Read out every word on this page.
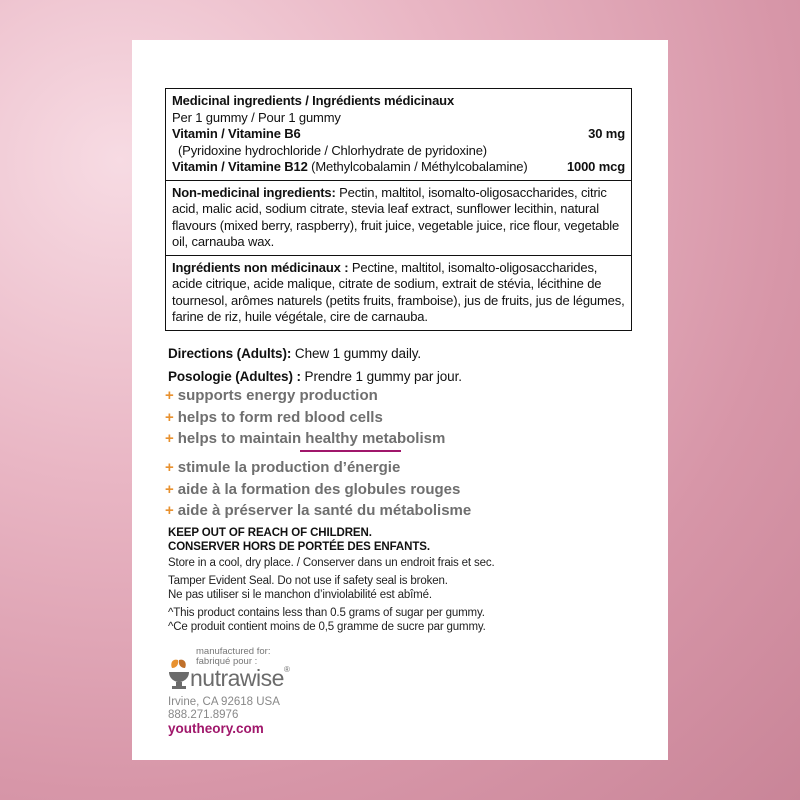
Medicinal ingredients / Ingrédients médicinaux
Per 1 gummy / Pour 1 gummy
Vitamin / Vitamine B6	30 mg
(Pyridoxine hydrochloride / Chlorhydrate de pyridoxine)
Vitamin / Vitamine B12 (Methylcobalamin / Méthylcobalamine)	1000 mcg
Non-medicinal ingredients: Pectin, maltitol, isomalto-oligosaccharides, citric acid, malic acid, sodium citrate, stevia leaf extract, sunflower lecithin, natural flavours (mixed berry, raspberry), fruit juice, vegetable juice, rice flour, vegetable oil, carnauba wax.
Ingrédients non médicinaux : Pectine, maltitol, isomalto-oligosaccharides, acide citrique, acide malique, citrate de sodium, extrait de stévia, lécithine de tournesol, arômes naturels (petits fruits, framboise), jus de fruits, jus de légumes, farine de riz, huile végétale, cire de carnauba.
Directions (Adults): Chew 1 gummy daily.
Posologie (Adultes) : Prendre 1 gummy par jour.
+ supports energy production
+ helps to form red blood cells
+ helps to maintain healthy metabolism
+ stimule la production d’énergie
+ aide à la formation des globules rouges
+ aide à préserver la santé du métabolisme
KEEP OUT OF REACH OF CHILDREN.
CONSERVER HORS DE PORTÉE DES ENFANTS.
Store in a cool, dry place. / Conserver dans un endroit frais et sec.
Tamper Evident Seal. Do not use if safety seal is broken.
Ne pas utiliser si le manchon d’inviolabilité est abîmé.
^This product contains less than 0.5 grams of sugar per gummy.
^Ce produit contient moins de 0,5 gramme de sucre par gummy.
manufactured for:
fabriqué pour :
nutrawise®
Irvine, CA 92618 USA
888.271.8976
youtheory.com
